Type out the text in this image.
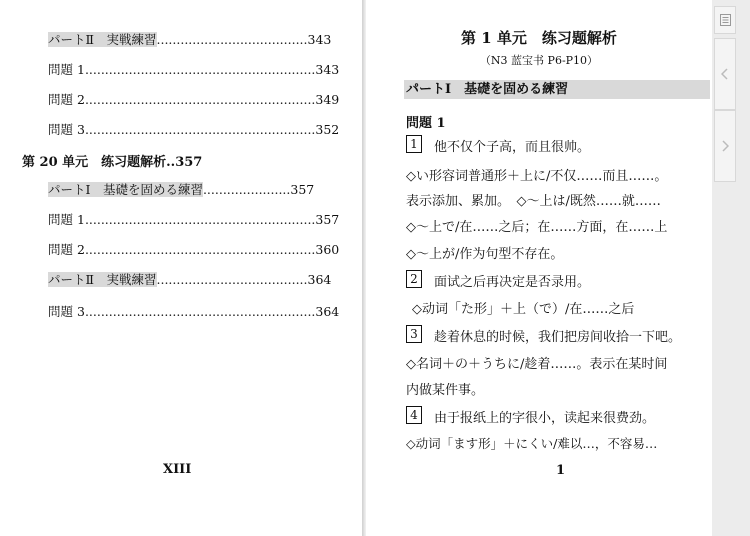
パートⅡ　実戦練習......................................343
問題 1..........................................................343
問題 2..........................................................349
問題 3..........................................................352
第 20 单元　练习题解析..357
パートⅠ　基礎を固める練習......................357
問題 1..........................................................357
問題 2..........................................................360
パートⅡ　実戦練習......................................364
問題 3..........................................................364
XIII
第 1 单元　练习题解析
（N3 蓝宝书 P6-P10）
パートⅠ　基礎を固める練習
問題 1
1	他不仅个子高，而且很帅。
◇い形容词普通形＋上に/不仅……而且……。
表示添加、累加。　◇～上は/既然……就……
◇～上で/在……之后；在……方面，在……上
◇～上が/作为句型不存在。
2	面试之后再决定是否录用。
◇动词「た形」＋上（で）/在……之后
3	趁着休息的时候，我们把房间收拾一下吧。
◇名词＋の＋うちに/趁着……。表示在某时间
内做某件事。
4	由于报纸上的字很小，读起来很费劲。
◇动词「ます形」＋にくい/难以…，不容易…
1
